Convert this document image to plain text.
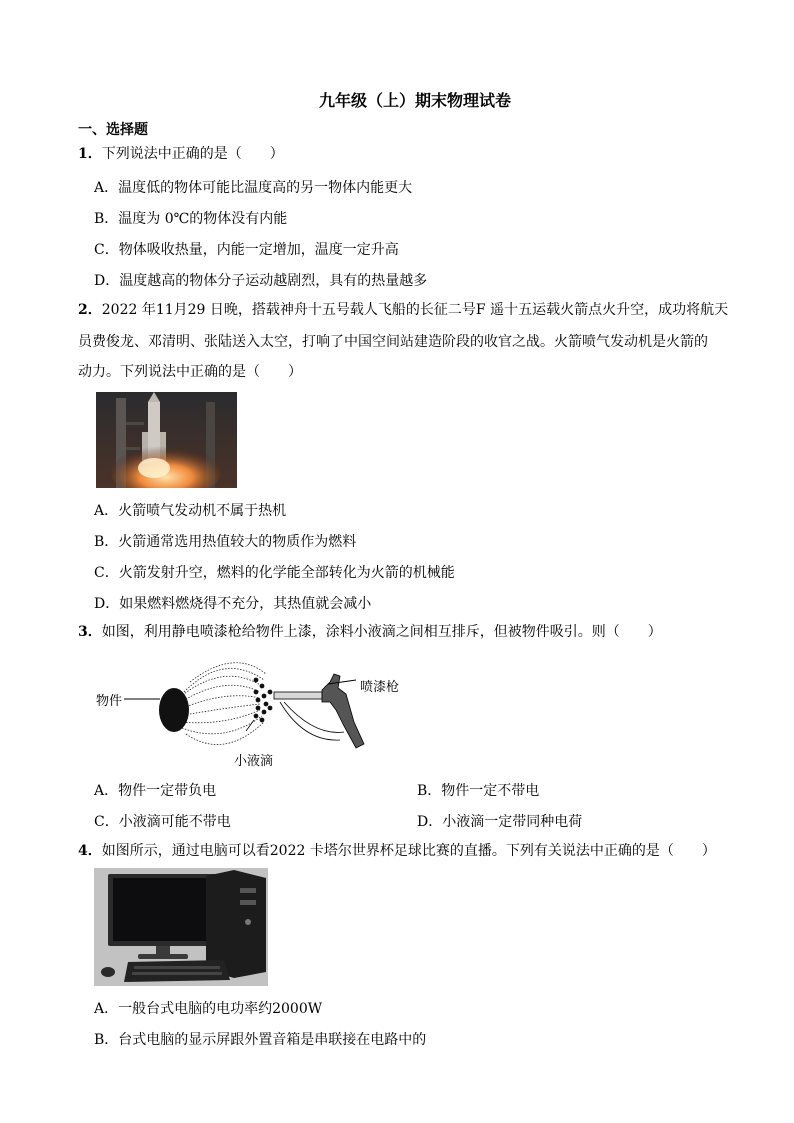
九年级（上）期末物理试卷
一、选择题
1．下列说法中正确的是（　　）
A．温度低的物体可能比温度高的另一物体内能更大
B．温度为 0℃的物体没有内能
C．物体吸收热量，内能一定增加，温度一定升高
D．温度越高的物体分子运动越剧烈，具有的热量越多
2．2022 年11月29 日晚，搭载神舟十五号载人飞船的长征二号F 遥十五运载火箭点火升空，成功将航天
员费俊龙、邓清明、张陆送入太空，打响了中国空间站建造阶段的收官之战。火箭喷气发动机是火箭的
动力。下列说法中正确的是（　　）
A．火箭喷气发动机不属于热机
B．火箭通常选用热值较大的物质作为燃料
C．火箭发射升空，燃料的化学能全部转化为火箭的机械能
D．如果燃料燃烧得不充分，其热值就会减小
3．如图，利用静电喷漆枪给物件上漆，涂料小液滴之间相互排斥，但被物件吸引。则（　　）
物件
喷漆枪
小液滴
A．物件一定带负电	B．物件一定不带电
C．小液滴可能不带电	D．小液滴一定带同种电荷
4．如图所示，通过电脑可以看2022 卡塔尔世界杯足球比赛的直播。下列有关说法中正确的是（　　）
A．一般台式电脑的电功率约2000W
B．台式电脑的显示屏跟外置音箱是串联接在电路中的
